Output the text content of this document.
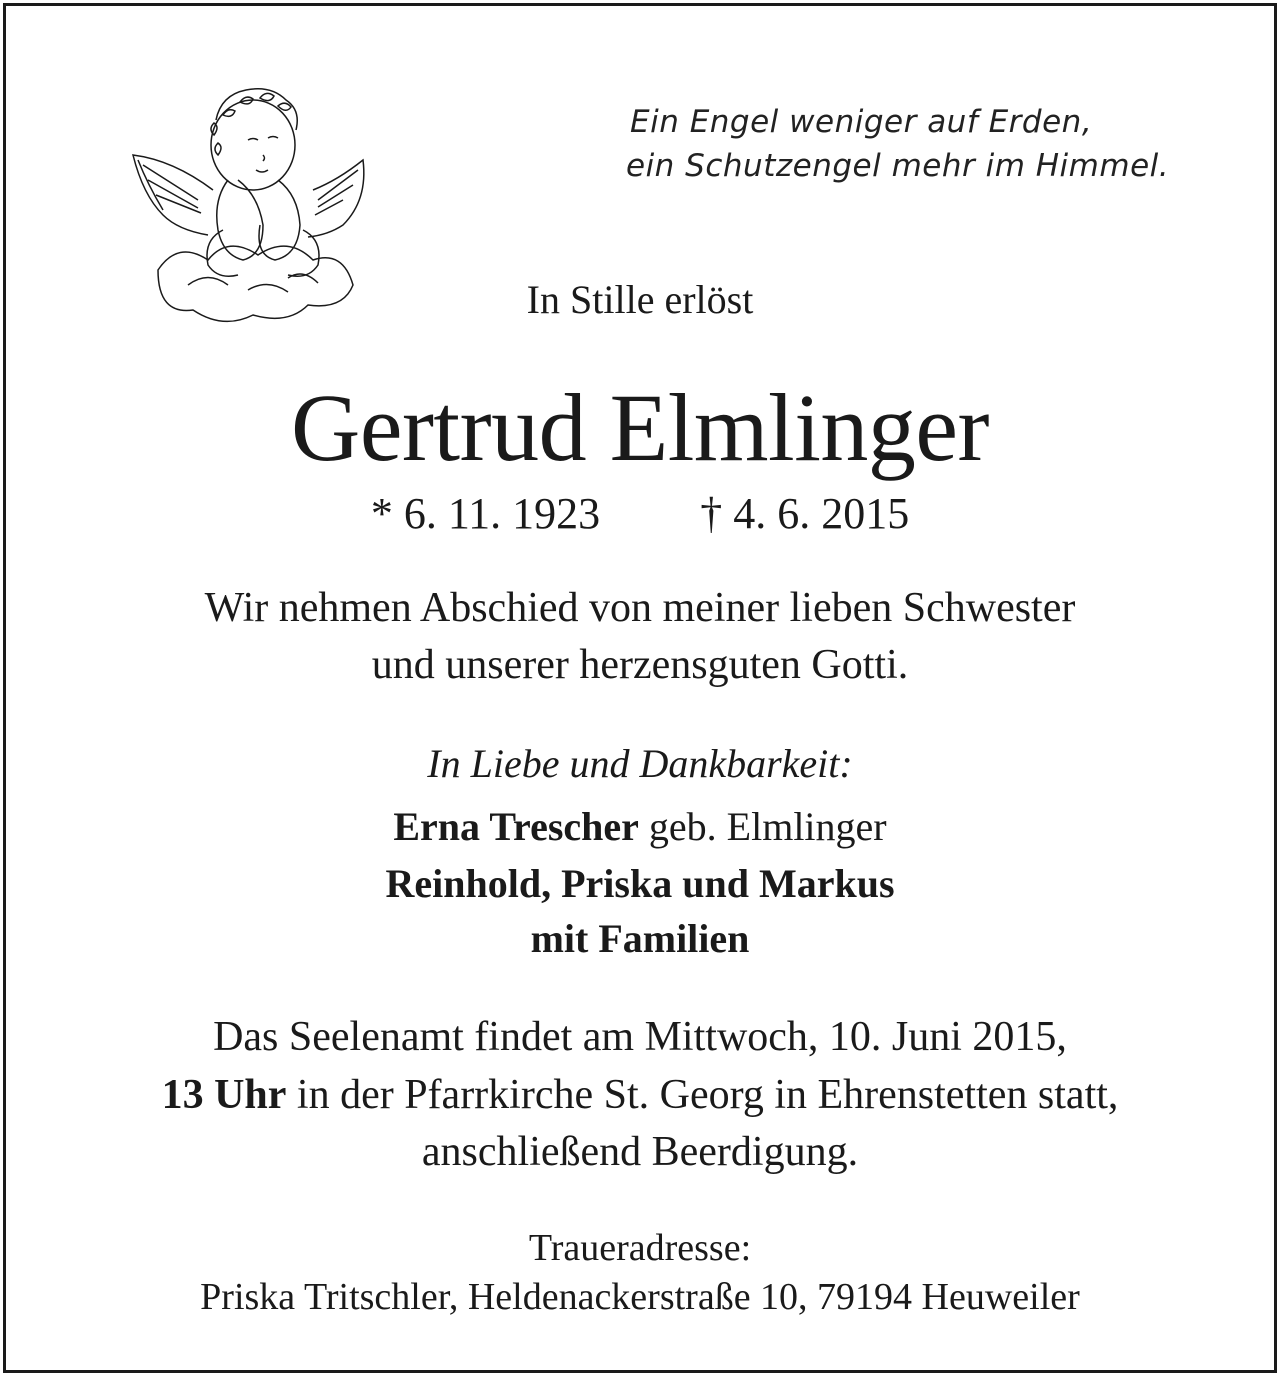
Ein Engel weniger auf Erden,
ein Schutzengel mehr im Himmel.
In Stille erlöst
Gertrud Elmlinger
* 6. 11. 1923 † 4. 6. 2015
Wir nehmen Abschied von meiner lieben Schwester
und unserer herzensguten Gotti.
In Liebe und Dankbarkeit:
Erna Trescher geb. Elmlinger
Reinhold, Priska und Markus
mit Familien
Das Seelenamt findet am Mittwoch, 10. Juni 2015,
13 Uhr in der Pfarrkirche St. Georg in Ehrenstetten statt,
anschließend Beerdigung.
Traueradresse:
Priska Tritschler, Heldenackerstraße 10, 79194 Heuweiler
